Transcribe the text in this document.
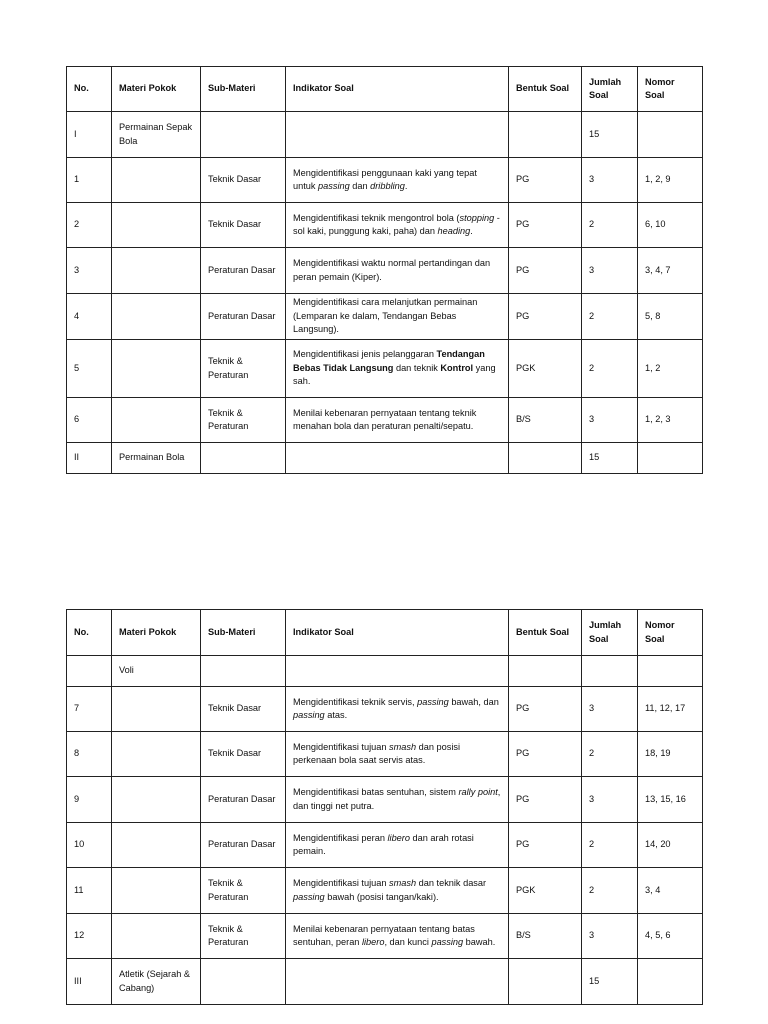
No.	Materi Pokok	Sub-Materi	Indikator Soal	Bentuk Soal	Jumlah Soal	Nomor Soal
I	Permainan Sepak Bola				15	
1		Teknik Dasar	Mengidentifikasi penggunaan kaki yang tepat untuk passing dan dribbling.	PG	3	1, 2, 9
2		Teknik Dasar	Mengidentifikasi teknik mengontrol bola (stopping - sol kaki, punggung kaki, paha) dan heading.	PG	2	6, 10
3		Peraturan Dasar	Mengidentifikasi waktu normal pertandingan dan peran pemain (Kiper).	PG	3	3, 4, 7
4		Peraturan Dasar	Mengidentifikasi cara melanjutkan permainan (Lemparan ke dalam, Tendangan Bebas Langsung).	PG	2	5, 8
5		Teknik & Peraturan	Mengidentifikasi jenis pelanggaran Tendangan Bebas Tidak Langsung dan teknik Kontrol yang sah.	PGK	2	1, 2
6		Teknik & Peraturan	Menilai kebenaran pernyataan tentang teknik menahan bola dan peraturan penalti/sepatu.	B/S	3	1, 2, 3
II	Permainan Bola				15	
No.	Materi Pokok	Sub-Materi	Indikator Soal	Bentuk Soal	Jumlah Soal	Nomor Soal
	Voli					
7		Teknik Dasar	Mengidentifikasi teknik servis, passing bawah, dan passing atas.	PG	3	11, 12, 17
8		Teknik Dasar	Mengidentifikasi tujuan smash dan posisi perkenaan bola saat servis atas.	PG	2	18, 19
9		Peraturan Dasar	Mengidentifikasi batas sentuhan, sistem rally point, dan tinggi net putra.	PG	3	13, 15, 16
10		Peraturan Dasar	Mengidentifikasi peran libero dan arah rotasi pemain.	PG	2	14, 20
11		Teknik & Peraturan	Mengidentifikasi tujuan smash dan teknik dasar passing bawah (posisi tangan/kaki).	PGK	2	3, 4
12		Teknik & Peraturan	Menilai kebenaran pernyataan tentang batas sentuhan, peran libero, dan kunci passing bawah.	B/S	3	4, 5, 6
III	Atletik (Sejarah & Cabang)				15	
